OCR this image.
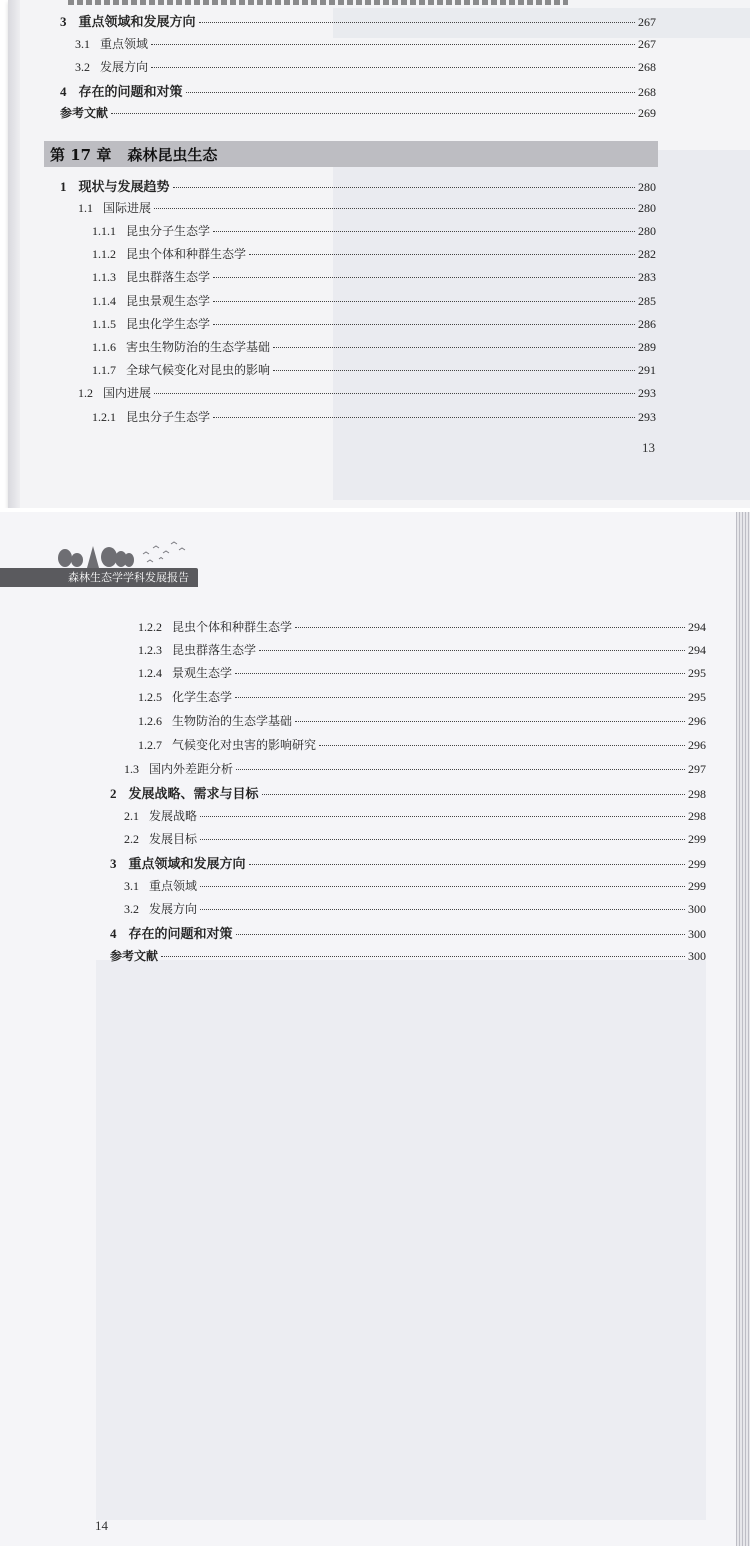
森林生态学学科发展报告
3 重点领域和发展方向	267
3.1 重点领域	267
3.2 发展方向	268
4 存在的问题和对策	268
参考文献	269
第 17 章 森林昆虫生态
1 现状与发展趋势	280
1.1 国际进展	280
1.1.1 昆虫分子生态学	280
1.1.2 昆虫个体和种群生态学	282
1.1.3 昆虫群落生态学	283
1.1.4 昆虫景观生态学	285
1.1.5 昆虫化学生态学	286
1.1.6 害虫生物防治的生态学基础	289
1.1.7 全球气候变化对昆虫的影响	291
1.2 国内进展	293
1.2.1 昆虫分子生态学	293
13
1.2.2 昆虫个体和种群生态学	294
1.2.3 昆虫群落生态学	294
1.2.4 景观生态学	295
1.2.5 化学生态学	295
1.2.6 生物防治的生态学基础	296
1.2.7 气候变化对虫害的影响研究	296
1.3 国内外差距分析	297
2 发展战略、需求与目标	298
2.1 发展战略	298
2.2 发展目标	299
3 重点领域和发展方向	299
3.1 重点领域	299
3.2 发展方向	300
4 存在的问题和对策	300
参考文献	300
14
